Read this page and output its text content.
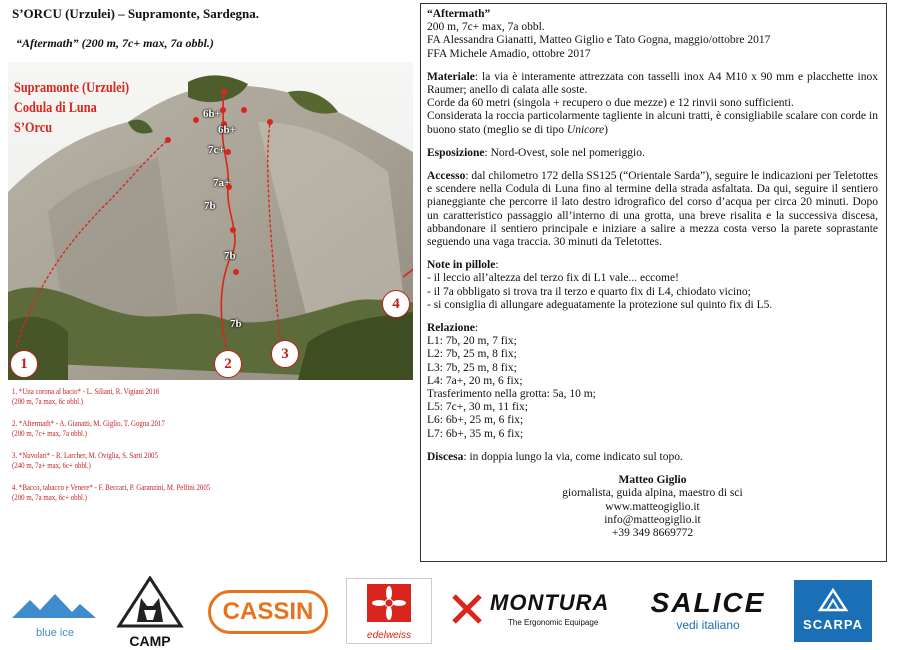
S’ORCU (Urzulei) – Supramonte, Sardegna.
“Aftermath” (200 m, 7c+ max, 7a obbl.)
Supramonte (Urzulei)
Codula di Luna
S’Orcu
6b+
6b+
7c+
7a+
7b
7b
7b
1	2
3
4
1. *Una corona al bacio* - L. Siliani, R. Vigiani 2016
(200 m, 7a max, 6c obbl.)
2. *Aftermath* - A. Gianatti, M. Giglio, T. Gogna 2017
(200 m, 7c+ max, 7a obbl.)
3. *Nuvolari* - R. Larcher, M. Oviglia, S. Sarti 2005
(240 m, 7a+ max, 6c+ obbl.)
4. *Bacco, tabacco e Venere* - F. Beccari, P. Garanzini, M. Pelfini 2005
(200 m, 7a max, 6c+ obbl.)

“Aftermath”
200 m, 7c+ max, 7a obbl.
FA Alessandra Gianatti, Matteo Giglio e Tato Gogna, maggio/ottobre 2017
FFA Michele Amadio, ottobre 2017

Materiale: la via è interamente attrezzata con tasselli inox A4 M10 x 90 mm e placchette inox Raumer; anello di calata alle soste.
Corde da 60 metri (singola + recupero o due mezze) e 12 rinvii sono sufficienti.
Considerata la roccia particolarmente tagliente in alcuni tratti, è consigliabile scalare con corde in buono stato (meglio se di tipo Unicore)

Esposizione: Nord-Ovest, sole nel pomeriggio.

Accesso: dal chilometro 172 della SS125 (“Orientale Sarda”), seguire le indicazioni per Teletottes e scendere nella Codula di Luna fino al termine della strada asfaltata. Da qui, seguire il sentiero pianeggiante che percorre il lato destro idrografico del corso d’acqua per circa 20 minuti. Dopo un caratteristico passaggio all’interno di una grotta, una breve risalita e la successiva discesa, abbandonare il sentiero principale e iniziare a salire a mezza costa verso la parete soprastante seguendo una vaga traccia. 30 minuti da Teletottes.

Note in pillole:
- il leccio all’altezza del terzo fix di L1 vale... eccome!
- il 7a obbligato si trova tra il terzo e quarto fix di L4, chiodato vicino;
- si consiglia di allungare adeguatamente la protezione sul quinto fix di L5.

Relazione:
L1: 7b, 20 m, 7 fix;
L2: 7b, 25 m, 8 fix;
L3: 7b, 25 m, 8 fix;
L4: 7a+, 20 m, 6 fix;
Trasferimento nella grotta: 5a, 10 m;
L5: 7c+, 30 m, 11 fix;
L6: 6b+, 25 m, 6 fix;
L7: 6b+, 35 m, 6 fix;

Discesa: in doppia lungo la via, come indicato sul topo.

Matteo Giglio
giornalista, guida alpina, maestro di sci
www.matteogiglio.it
info@matteogiglio.it
+39 349 8669772
blue ice	CAMP
CASSIN
edelweiss
MONTURA
The Ergonomic Equipage
SALICE
vedi italiano	SCARPA
